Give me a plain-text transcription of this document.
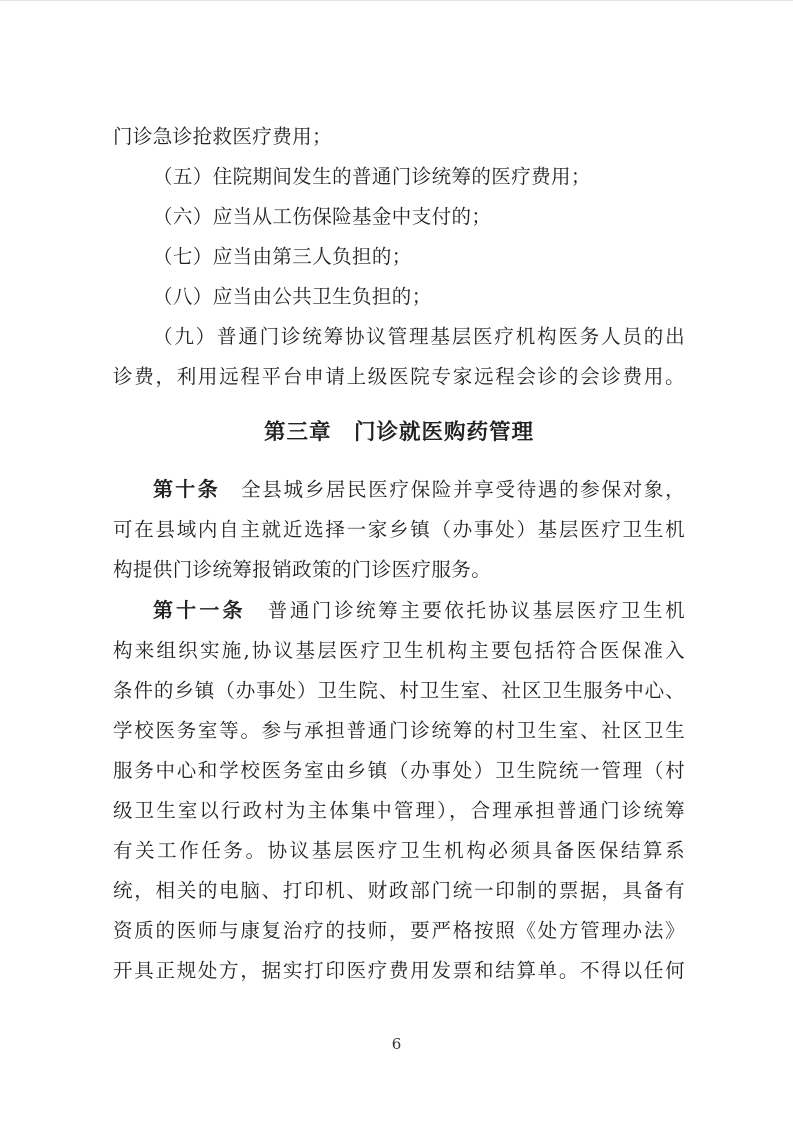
门诊急诊抢救医疗费用；
（五）住院期间发生的普通门诊统筹的医疗费用；
（六）应当从工伤保险基金中支付的；
（七）应当由第三人负担的；
（八）应当由公共卫生负担的；
（九）普通门诊统筹协议管理基层医疗机构医务人员的出
诊费，利用远程平台申请上级医院专家远程会诊的会诊费用。
第三章　门诊就医购药管理
第十条　全县城乡居民医疗保险并享受待遇的参保对象，
可在县域内自主就近选择一家乡镇（办事处）基层医疗卫生机
构提供门诊统筹报销政策的门诊医疗服务。
第十一条　普通门诊统筹主要依托协议基层医疗卫生机
构来组织实施,协议基层医疗卫生机构主要包括符合医保准入
条件的乡镇（办事处）卫生院、村卫生室、社区卫生服务中心、
学校医务室等。参与承担普通门诊统筹的村卫生室、社区卫生
服务中心和学校医务室由乡镇（办事处）卫生院统一管理（村
级卫生室以行政村为主体集中管理），合理承担普通门诊统筹
有关工作任务。协议基层医疗卫生机构必须具备医保结算系
统，相关的电脑、打印机、财政部门统一印制的票据，具备有
资质的医师与康复治疗的技师，要严格按照《处方管理办法》
开具正规处方，据实打印医疗费用发票和结算单。不得以任何
6
